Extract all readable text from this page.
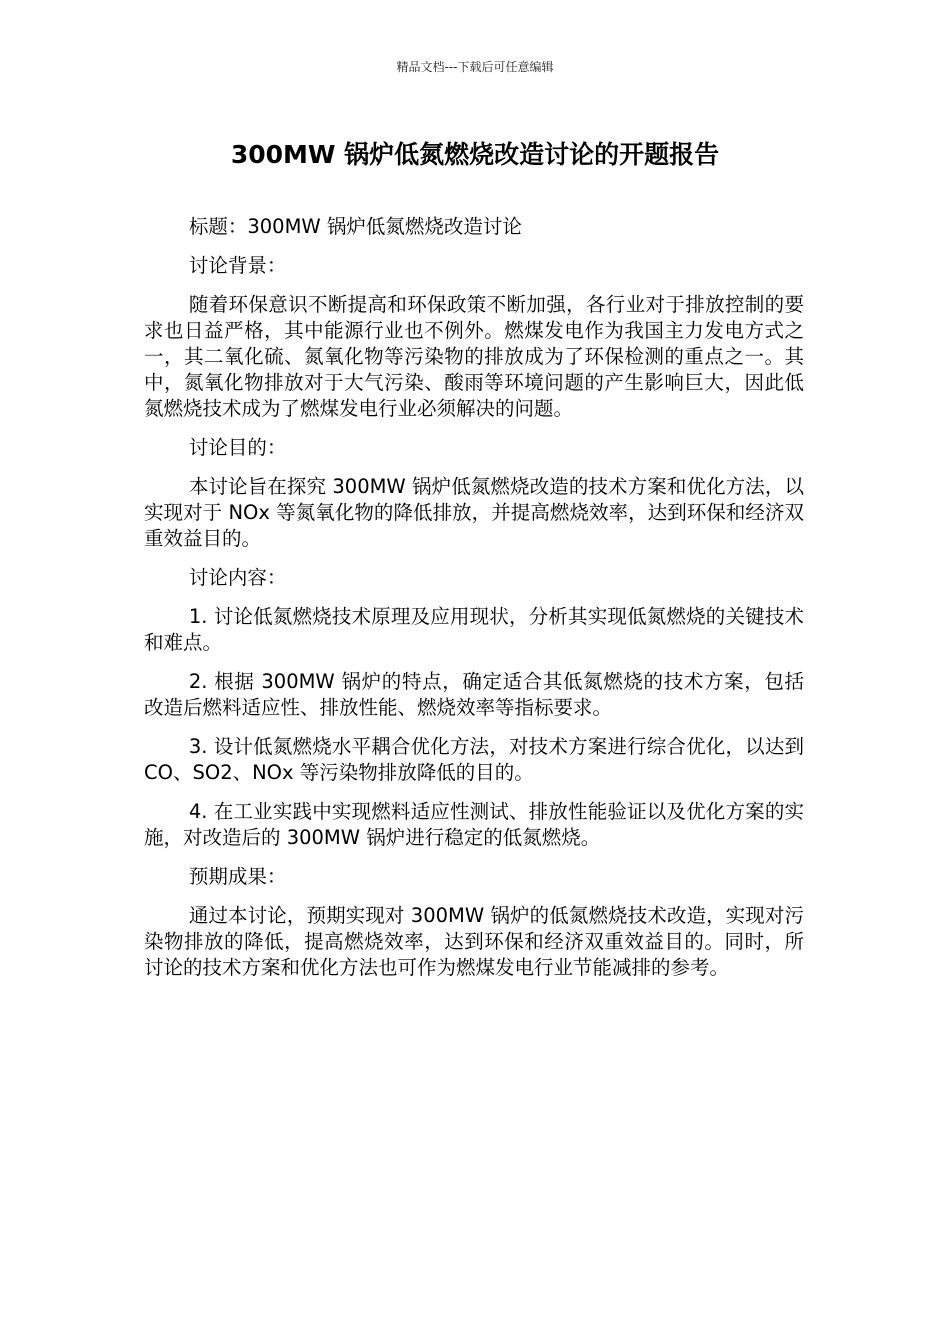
精品文档---下载后可任意编辑
300MW 锅炉低氮燃烧改造讨论的开题报告

标题：300MW 锅炉低氮燃烧改造讨论

讨论背景：

随着环保意识不断提高和环保政策不断加强，各行业对于排放控制的要求也日益严格，其中能源行业也不例外。燃煤发电作为我国主力发电方式之一，其二氧化硫、氮氧化物等污染物的排放成为了环保检测的重点之一。其中，氮氧化物排放对于大气污染、酸雨等环境问题的产生影响巨大，因此低氮燃烧技术成为了燃煤发电行业必须解决的问题。

讨论目的：

本讨论旨在探究 300MW 锅炉低氮燃烧改造的技术方案和优化方法，以实现对于 NOx 等氮氧化物的降低排放，并提高燃烧效率，达到环保和经济双重效益目的。

讨论内容：

1. 讨论低氮燃烧技术原理及应用现状，分析其实现低氮燃烧的关键技术和难点。

2. 根据 300MW 锅炉的特点，确定适合其低氮燃烧的技术方案，包括改造后燃料适应性、排放性能、燃烧效率等指标要求。

3. 设计低氮燃烧水平耦合优化方法，对技术方案进行综合优化，以达到 CO、SO2、NOx 等污染物排放降低的目的。

4. 在工业实践中实现燃料适应性测试、排放性能验证以及优化方案的实施，对改造后的 300MW 锅炉进行稳定的低氮燃烧。

预期成果：

通过本讨论，预期实现对 300MW 锅炉的低氮燃烧技术改造，实现对污染物排放的降低，提高燃烧效率，达到环保和经济双重效益目的。同时，所讨论的技术方案和优化方法也可作为燃煤发电行业节能减排的参考。
